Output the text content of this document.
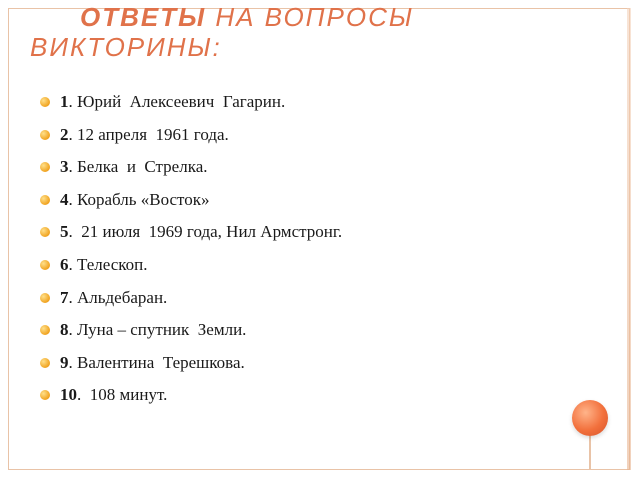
ОТВЕТЫ НА ВОПРОСЫ
ВИКТОРИНЫ:
1. Юрий  Алексеевич  Гагарин.
2. 12 апреля  1961 года.
3. Белка  и  Стрелка.
4. Корабль «Восток»
5.  21 июля  1969 года, Нил Армстронг.
6. Телескоп.
7. Альдебаран.
8. Луна – спутник  Земли.
9. Валентина  Терешкова.
10.  108 минут.
